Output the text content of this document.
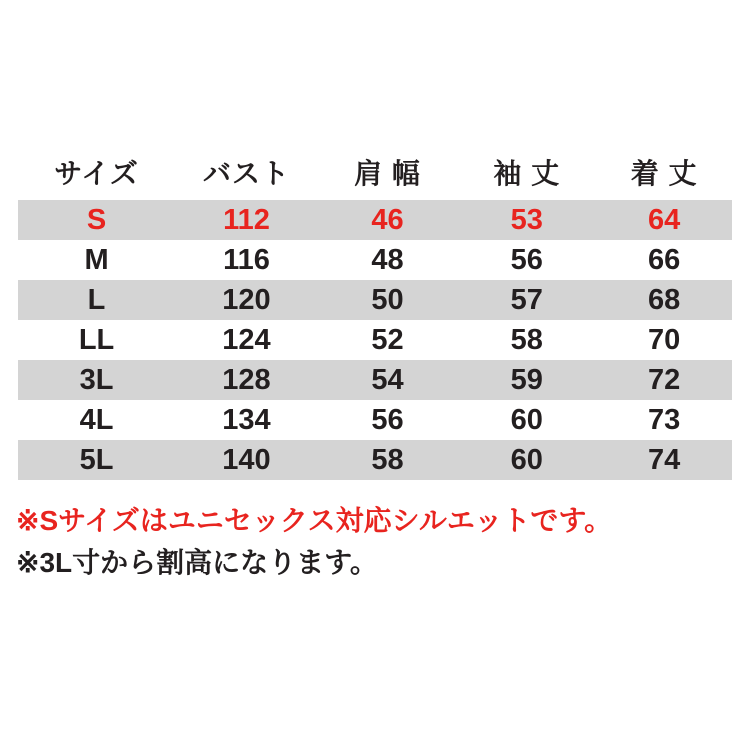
サイズ	バスト	肩 幅	袖 丈	着 丈
S	112	46	53	64
M	116	48	56	66
L	120	50	57	68
LL	124	52	58	70
3L	128	54	59	72
4L	134	56	60	73
5L	140	58	60	74
※Sサイズはユニセックス対応シルエットです。
※3L寸から割高になります。
